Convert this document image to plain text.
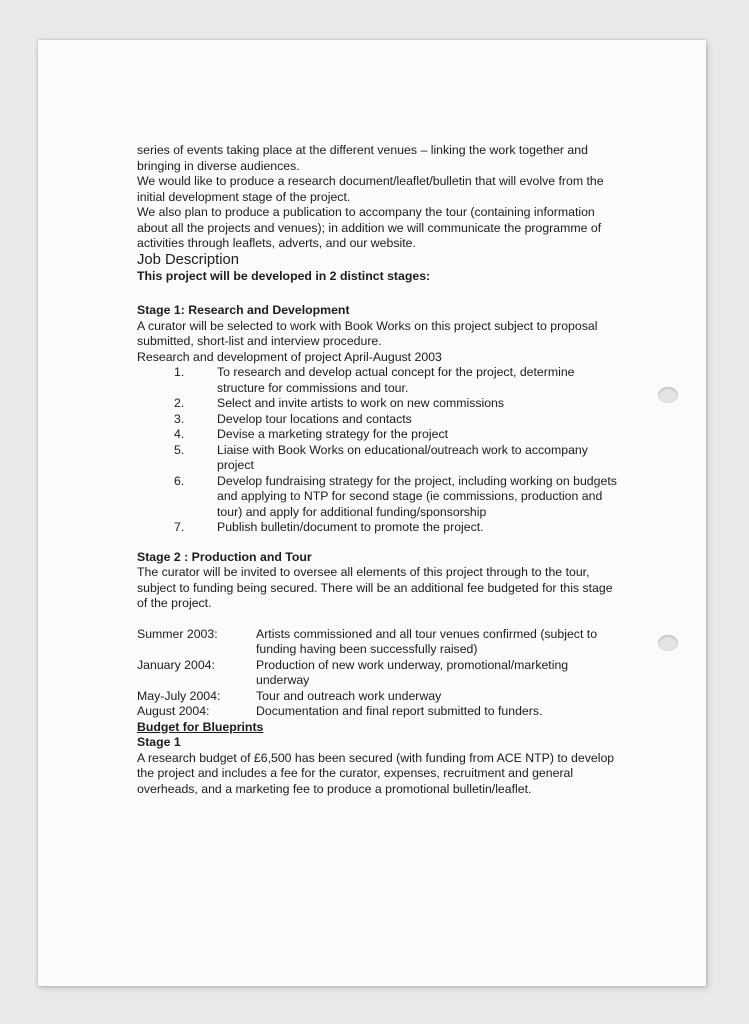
series of events taking place at the different venues – linking the work together and bringing in diverse audiences.

We would like to produce a research document/leaflet/bulletin that will evolve from the initial development stage of the project.

We also plan to produce a publication to accompany the tour (containing information about all the projects and venues); in addition we will communicate the programme of activities through leaflets, adverts, and our website.

Job Description

This project will be developed in 2 distinct stages:

Stage 1: Research and Development

A curator will be selected to work with Book Works on this project subject to proposal submitted, short-list and interview procedure.

Research and development of project April-August 2003

1.	To research and develop actual concept for the project, determine structure for commissions and tour.
2.	Select and invite artists to work on new commissions
3.	Develop tour locations and contacts
4.	Devise a marketing strategy for the project
5.	Liaise with Book Works on educational/outreach work to accompany project
6.	Develop fundraising strategy for the project, including working on budgets and applying to NTP for second stage (ie commissions, production and tour) and apply for additional funding/sponsorship
7.	Publish bulletin/document to promote the project.

Stage 2 : Production and Tour

The curator will be invited to oversee all elements of this project through to the tour, subject to funding being secured. There will be an additional fee budgeted for this stage of the project.

Summer 2003:	Artists commissioned and all tour venues confirmed (subject to funding having been successfully raised)
January 2004:	Production of new work underway, promotional/marketing underway
May-July 2004:	Tour and outreach work underway
August 2004:	Documentation and final report submitted to funders.

Budget for Blueprints

Stage 1

A research budget of £6,500 has been secured (with funding from ACE NTP) to develop the project and includes a fee for the curator, expenses, recruitment and general overheads, and a marketing fee to produce a promotional bulletin/leaflet.
